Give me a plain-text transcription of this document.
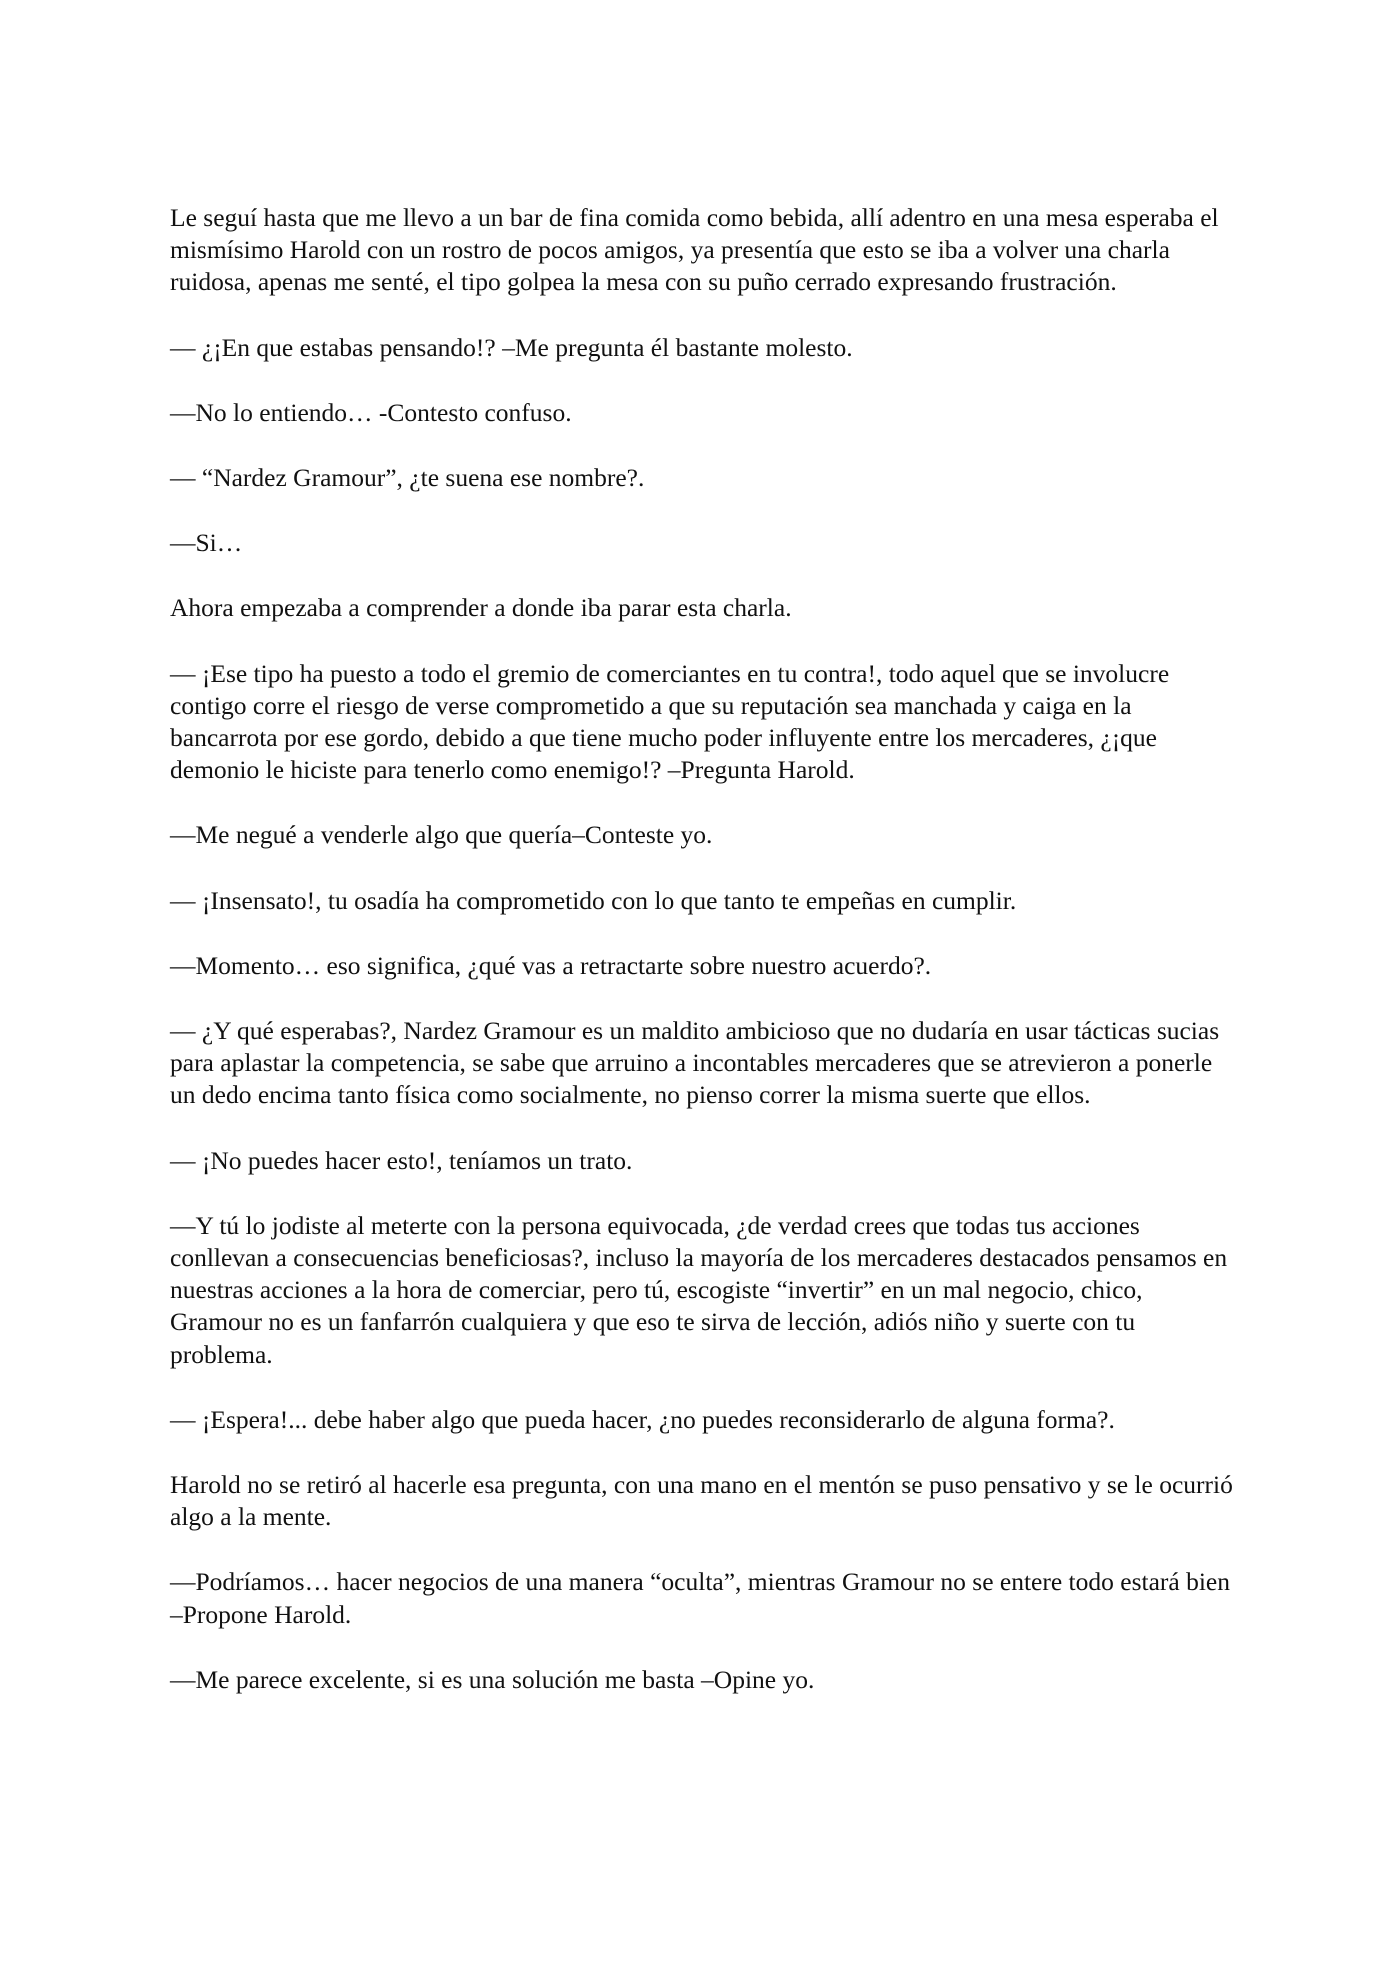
Le seguí hasta que me llevo a un bar de fina comida como bebida, allí adentro en una mesa esperaba el mismísimo Harold con un rostro de pocos amigos, ya presentía que esto se iba a volver una charla ruidosa, apenas me senté, el tipo golpea la mesa con su puño cerrado expresando frustración.

— ¿¡En que estabas pensando!? –Me pregunta él bastante molesto.

—No lo entiendo… -Contesto confuso.

— “Nardez Gramour”, ¿te suena ese nombre?.

—Si…

Ahora empezaba a comprender a donde iba parar esta charla.

— ¡Ese tipo ha puesto a todo el gremio de comerciantes en tu contra!, todo aquel que se involucre contigo corre el riesgo de verse comprometido a que su reputación sea manchada y caiga en la bancarrota por ese gordo, debido a que tiene mucho poder influyente entre los mercaderes, ¿¡que demonio le hiciste para tenerlo como enemigo!? –Pregunta Harold.

—Me negué a venderle algo que quería–Conteste yo.

— ¡Insensato!, tu osadía ha comprometido con lo que tanto te empeñas en cumplir.

—Momento… eso significa, ¿qué vas a retractarte sobre nuestro acuerdo?.

— ¿Y qué esperabas?, Nardez Gramour es un maldito ambicioso que no dudaría en usar tácticas sucias para aplastar la competencia, se sabe que arruino a incontables mercaderes que se atrevieron a ponerle un dedo encima tanto física como socialmente, no pienso correr la misma suerte que ellos.

— ¡No puedes hacer esto!, teníamos un trato.

—Y tú lo jodiste al meterte con la persona equivocada, ¿de verdad crees que todas tus acciones conllevan a consecuencias beneficiosas?, incluso la mayoría de los mercaderes destacados pensamos en nuestras acciones a la hora de comerciar, pero tú, escogiste “invertir” en un mal negocio, chico, Gramour no es un fanfarrón cualquiera y que eso te sirva de lección, adiós niño y suerte con tu problema.

— ¡Espera!... debe haber algo que pueda hacer, ¿no puedes reconsiderarlo de alguna forma?.

Harold no se retiró al hacerle esa pregunta, con una mano en el mentón se puso pensativo y se le ocurrió algo a la mente.

—Podríamos… hacer negocios de una manera “oculta”, mientras Gramour no se entere todo estará bien –Propone Harold.

—Me parece excelente, si es una solución me basta –Opine yo.
